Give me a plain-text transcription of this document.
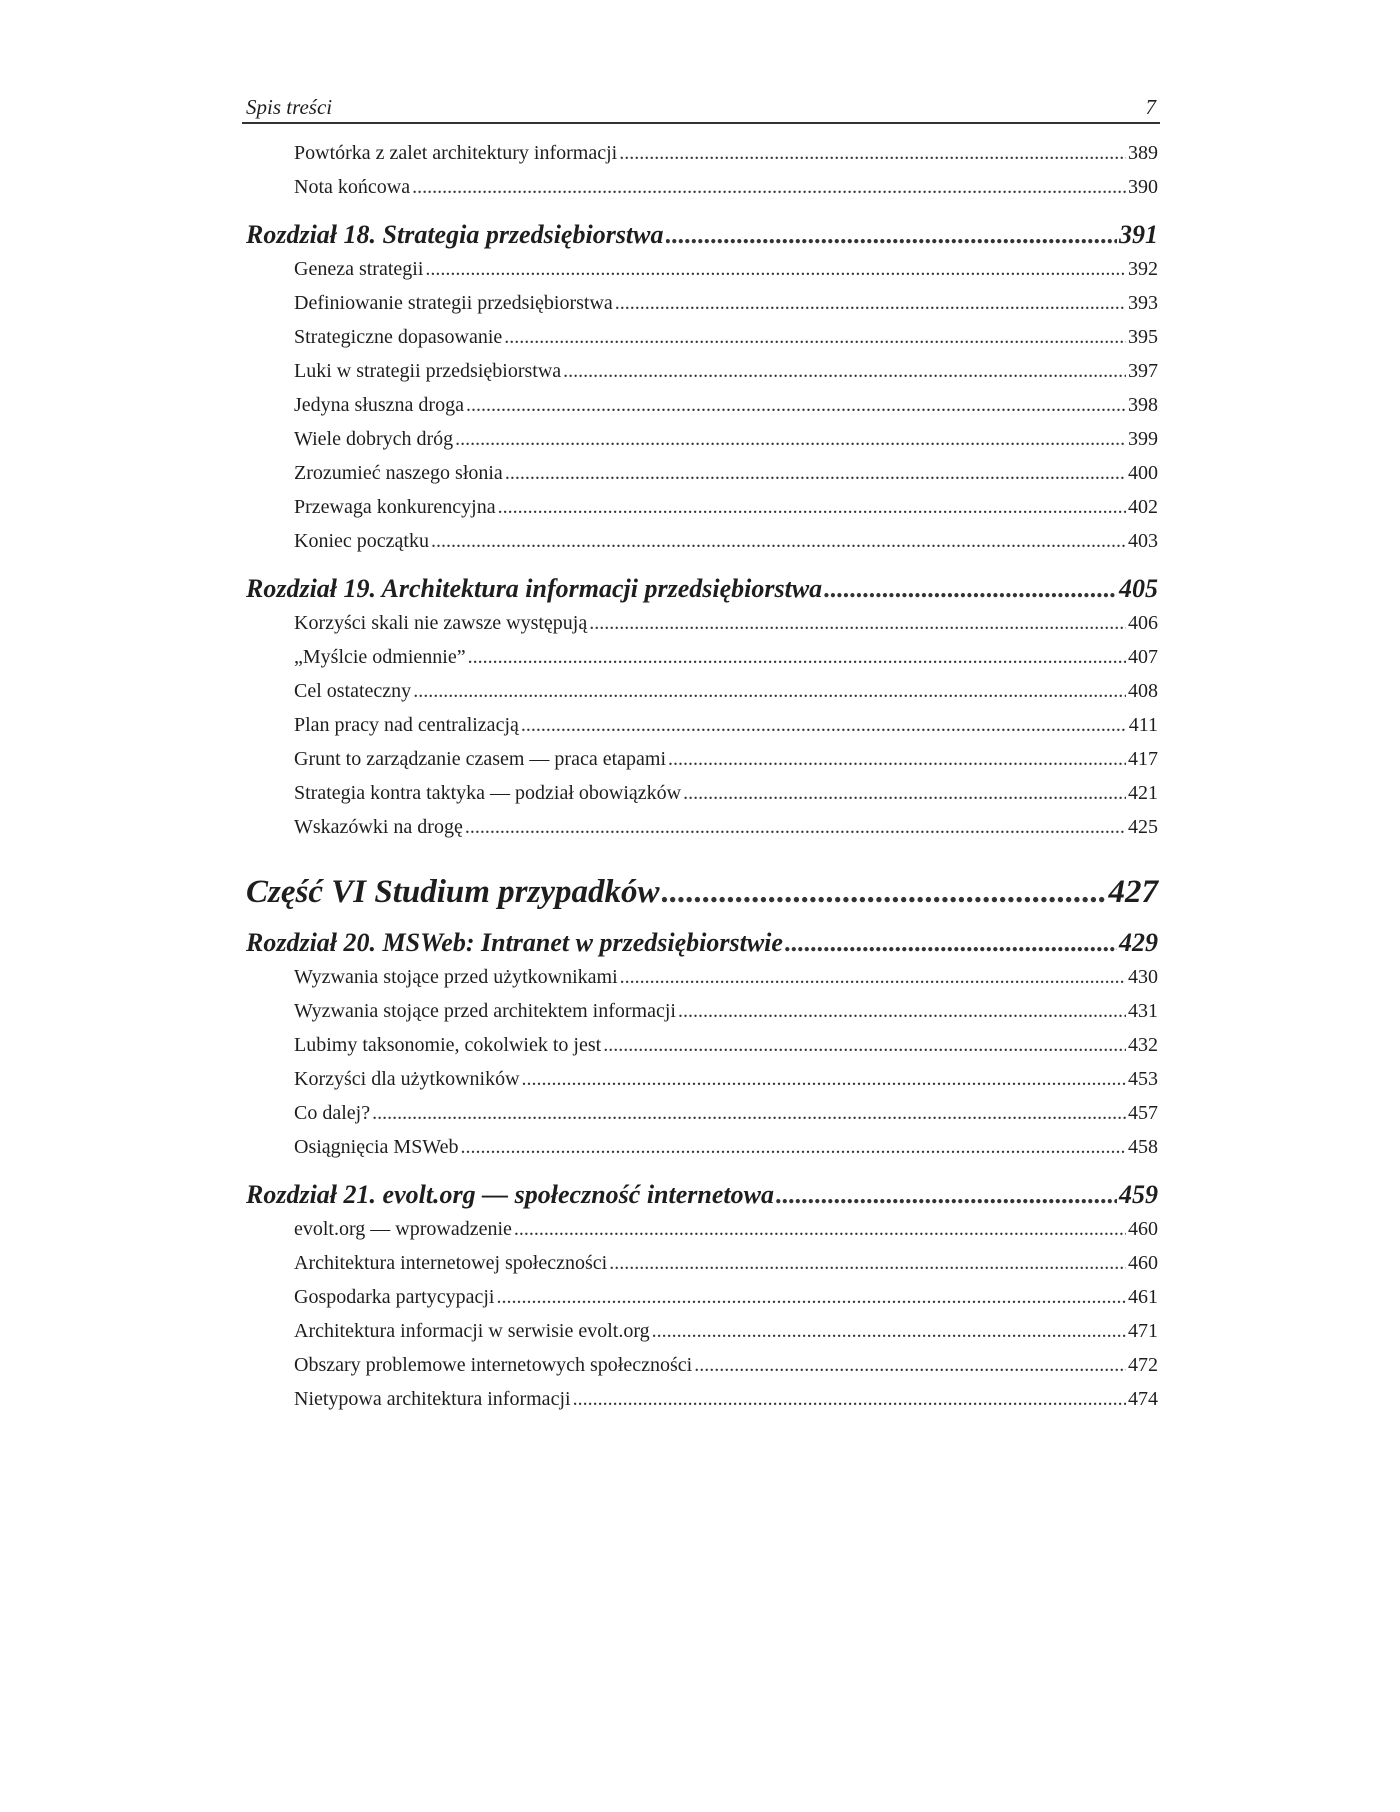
Spis treści	7
Powtórka z zalet architektury informacji .....	389
Nota końcowa .....	390
Rozdział 18. Strategia przedsiębiorstwa .....	391
Geneza strategii .....	392
Definiowanie strategii przedsiębiorstwa .....	393
Strategiczne dopasowanie .....	395
Luki w strategii przedsiębiorstwa .....	397
Jedyna słuszna droga .....	398
Wiele dobrych dróg .....	399
Zrozumieć naszego słonia .....	400
Przewaga konkurencyjna .....	402
Koniec początku .....	403
Rozdział 19. Architektura informacji przedsiębiorstwa .....	405
Korzyści skali nie zawsze występują .....	406
„Myślcie odmiennie” .....	407
Cel ostateczny .....	408
Plan pracy nad centralizacją .....	411
Grunt to zarządzanie czasem — praca etapami .....	417
Strategia kontra taktyka — podział obowiązków .....	421
Wskazówki na drogę .....	425
Część VI Studium przypadków .....	427
Rozdział 20. MSWeb: Intranet w przedsiębiorstwie .....	429
Wyzwania stojące przed użytkownikami .....	430
Wyzwania stojące przed architektem informacji .....	431
Lubimy taksonomie, cokolwiek to jest .....	432
Korzyści dla użytkowników .....	453
Co dalej? .....	457
Osiągnięcia MSWeb .....	458
Rozdział 21. evolt.org — społeczność internetowa .....	459
evolt.org — wprowadzenie .....	460
Architektura internetowej społeczności .....	460
Gospodarka partycypacji .....	461
Architektura informacji w serwisie evolt.org .....	471
Obszary problemowe internetowych społeczności .....	472
Nietypowa architektura informacji .....	474
